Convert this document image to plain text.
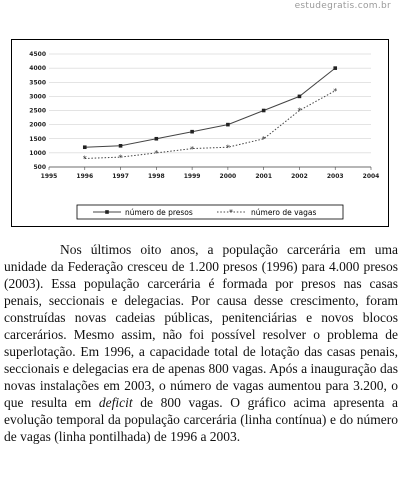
estudegratis.com.br
500
1000
1500
2000
2500
3000
3500
4000
4500
1995	1996	1997	1998	1999	2000	2001	2002	2003	2004
*	*	*	*	*
*
*
*
número de presos	* número de vagas

Nos últimos oito anos, a população carcerária em uma unidade da Federação cresceu de 1.200 presos (1996) para 4.000 presos (2003). Essa população carcerária é formada por presos nas casas penais, seccionais e delegacias. Por causa desse crescimento, foram construídas novas cadeias públicas, penitenciárias e novos blocos carcerários. Mesmo assim, não foi possível resolver o problema de superlotação. Em 1996, a capacidade total de lotação das casas penais, seccionais e delegacias era de apenas 800 vagas. Após a inauguração das novas instalações em 2003, o número de vagas aumentou para 3.200, o que resulta em deficit de 800 vagas. O gráfico acima apresenta a evolução temporal da população carcerária (linha contínua) e do número de vagas (linha pontilhada) de 1996 a 2003.
